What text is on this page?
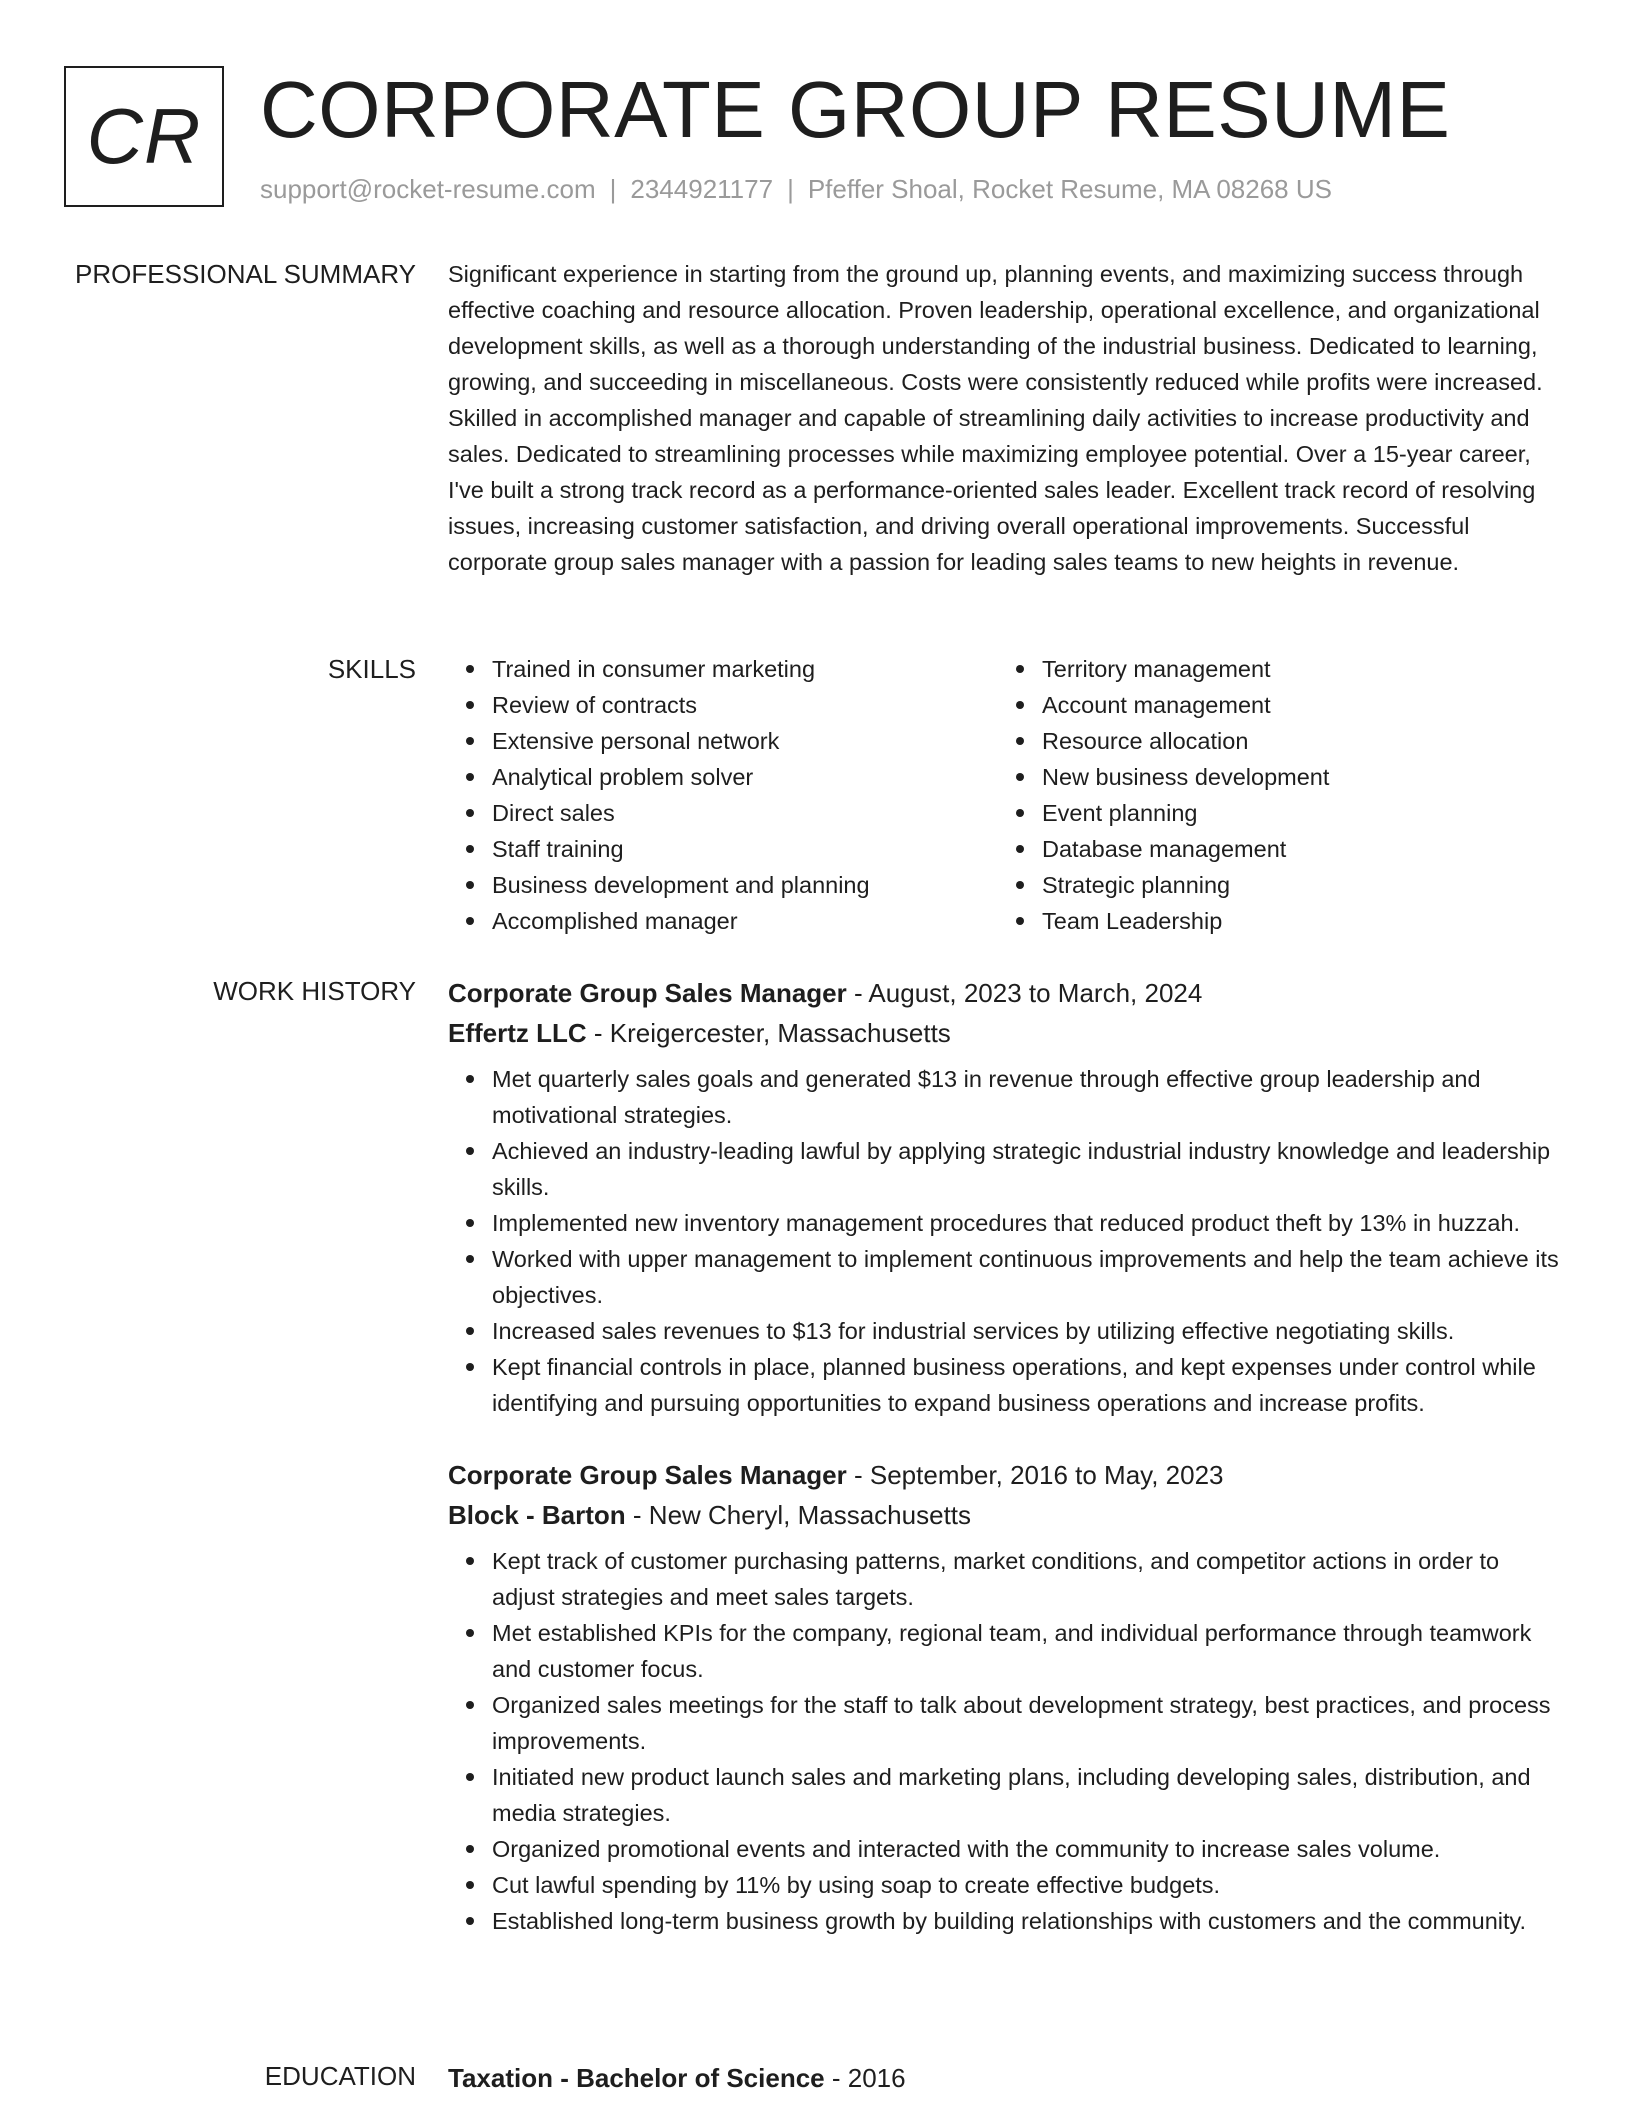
CR CORPORATE GROUP RESUME
support@rocket-resume.com | 2344921177 | Pfeffer Shoal, Rocket Resume, MA 08268 US
PROFESSIONAL SUMMARY Significant experience in starting from the ground up, planning events, and maximizing success through effective coaching and resource allocation. Proven leadership, operational excellence, and organizational development skills, as well as a thorough understanding of the industrial business. Dedicated to learning, growing, and succeeding in miscellaneous. Costs were consistently reduced while profits were increased. Skilled in accomplished manager and capable of streamlining daily activities to increase productivity and sales. Dedicated to streamlining processes while maximizing employee potential. Over a 15-year career, I've built a strong track record as a performance-oriented sales leader. Excellent track record of resolving issues, increasing customer satisfaction, and driving overall operational improvements. Successful corporate group sales manager with a passion for leading sales teams to new heights in revenue.

SKILLS	Trained in consumer marketing
Review of contracts
Extensive personal network
Analytical problem solver
Direct sales
Staff training
Business development and planning
Accomplished manager
Territory management
Account management
Resource allocation
New business development
Event planning
Database management
Strategic planning
Team Leadership
WORK HISTORY Corporate Group Sales Manager - August, 2023 to March, 2024
Effertz LLC - Kreigercester, Massachusetts
Met quarterly sales goals and generated $13 in revenue through effective group leadership and motivational strategies.
Achieved an industry-leading lawful by applying strategic industrial industry knowledge and leadership skills.
Implemented new inventory management procedures that reduced product theft by 13% in huzzah.
Worked with upper management to implement continuous improvements and help the team achieve its objectives.
Increased sales revenues to $13 for industrial services by utilizing effective negotiating skills.
Kept financial controls in place, planned business operations, and kept expenses under control while identifying and pursuing opportunities to expand business operations and increase profits.
Corporate Group Sales Manager - September, 2016 to May, 2023
Block - Barton - New Cheryl, Massachusetts
Kept track of customer purchasing patterns, market conditions, and competitor actions in order to adjust strategies and meet sales targets.
Met established KPIs for the company, regional team, and individual performance through teamwork and customer focus.
Organized sales meetings for the staff to talk about development strategy, best practices, and process improvements.
Initiated new product launch sales and marketing plans, including developing sales, distribution, and media strategies.
Organized promotional events and interacted with the community to increase sales volume.
Cut lawful spending by 11% by using soap to create effective budgets.
Established long-term business growth by building relationships with customers and the community.
EDUCATION Taxation - Bachelor of Science - 2016
